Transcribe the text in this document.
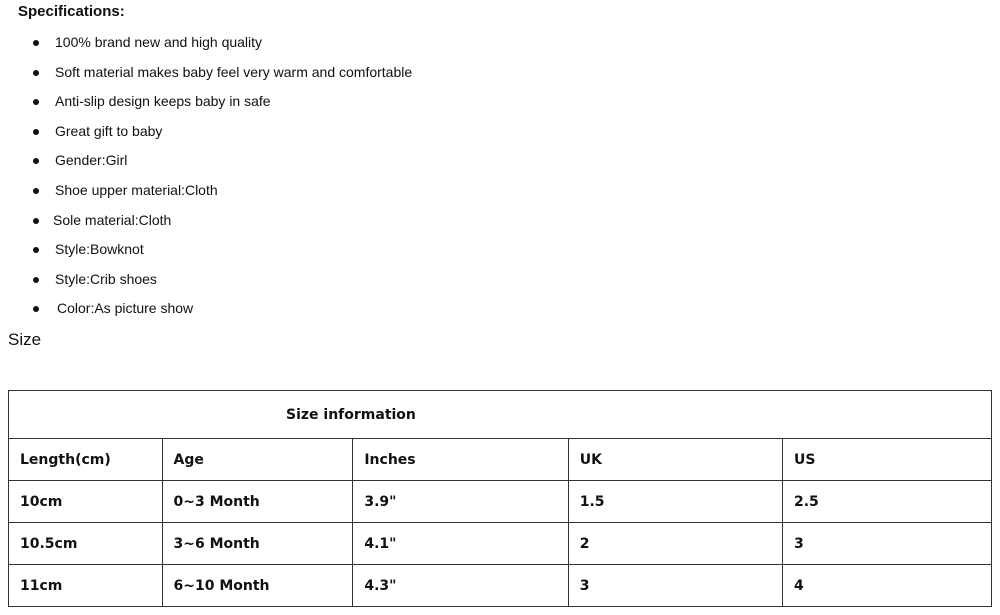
Specifications:
100% brand new and high quality
Soft material makes baby feel very warm and comfortable
Anti-slip design keeps baby in safe
Great gift to baby
Gender:Girl
Shoe upper material:Cloth
Sole material:Cloth
Style:Bowknot
Style:Crib shoes
Color:As picture show
Size
Size information				

Length(cm)	Age	Inches	UK	US
10cm	0~3 Month	3.9"	1.5	2.5
10.5cm	3~6 Month	4.1"	2	3
11cm	6~10 Month	4.3"	3	4
